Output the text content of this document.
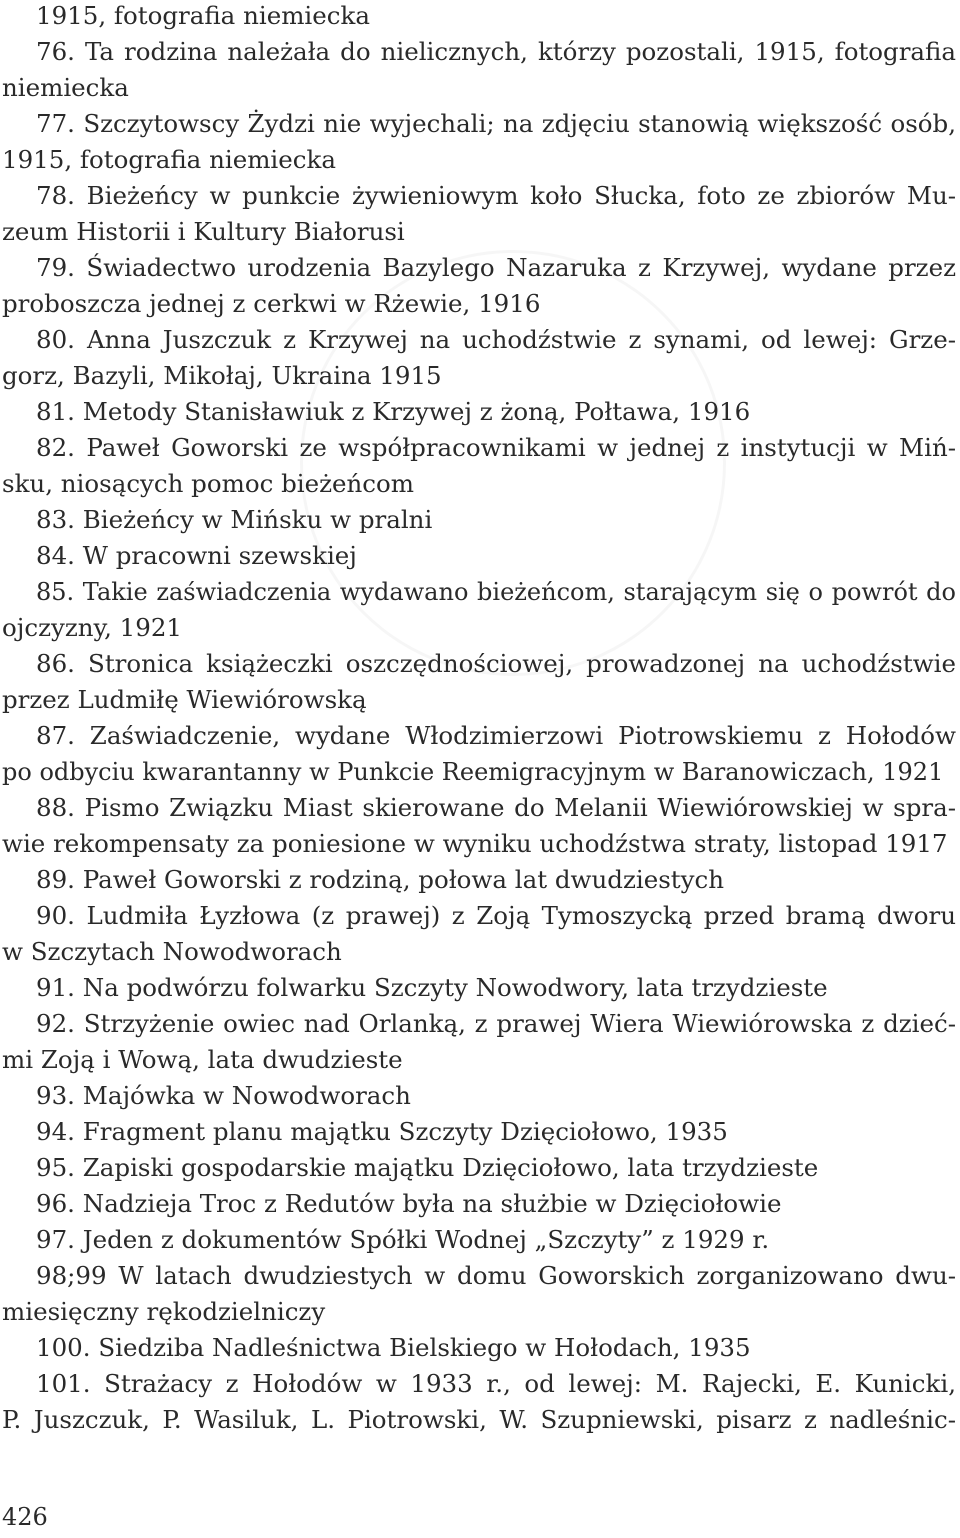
1915, fotografia niemiecka
76. Ta rodzina należała do nielicznych, którzy pozostali, 1915, fotografia
niemiecka
77. Szczytowscy Żydzi nie wyjechali; na zdjęciu stanowią większość osób,
1915, fotografia niemiecka
78. Bieżeńcy w punkcie żywieniowym koło Słucka, foto ze zbiorów Mu-
zeum Historii i Kultury Białorusi
79. Świadectwo urodzenia Bazylego Nazaruka z Krzywej, wydane przez
proboszcza jednej z cerkwi w Rżewie, 1916
80. Anna Juszczuk z Krzywej na uchodźstwie z synami, od lewej: Grze-
gorz, Bazyli, Mikołaj, Ukraina 1915
81. Metody Stanisławiuk z Krzywej z żoną, Połtawa, 1916
82. Paweł Goworski ze współpracownikami w jednej z instytucji w Miń-
sku, niosących pomoc bieżeńcom
83. Bieżeńcy w Mińsku w pralni
84. W pracowni szewskiej
85. Takie zaświadczenia wydawano bieżeńcom, starającym się o powrót do
ojczyzny, 1921
86. Stronica książeczki oszczędnościowej, prowadzonej na uchodźstwie
przez Ludmiłę Wiewiórowską
87. Zaświadczenie, wydane Włodzimierzowi Piotrowskiemu z Hołodów
po odbyciu kwarantanny w Punkcie Reemigracyjnym w Baranowiczach, 1921
88. Pismo Związku Miast skierowane do Melanii Wiewiórowskiej w spra-
wie rekompensaty za poniesione w wyniku uchodźstwa straty, listopad 1917
89. Paweł Goworski z rodziną, połowa lat dwudziestych
90. Ludmiła Łyzłowa (z prawej) z Zoją Tymoszycką przed bramą dworu
w Szczytach Nowodworach
91. Na podwórzu folwarku Szczyty Nowodwory, lata trzydzieste
92. Strzyżenie owiec nad Orlanką, z prawej Wiera Wiewiórowska z dzieć-
mi Zoją i Wową, lata dwudzieste
93. Majówka w Nowodworach
94. Fragment planu majątku Szczyty Dzięciołowo, 1935
95. Zapiski gospodarskie majątku Dzięciołowo, lata trzydzieste
96. Nadzieja Troc z Redutów była na służbie w Dzięciołowie
97. Jeden z dokumentów Spółki Wodnej „Szczyty” z 1929 r.
98;99 W latach dwudziestych w domu Goworskich zorganizowano dwu-
miesięczny rękodzielniczy
100. Siedziba Nadleśnictwa Bielskiego w Hołodach, 1935
101. Strażacy z Hołodów w 1933 r., od lewej: M. Rajecki, E. Kunicki,
P. Juszczuk, P. Wasiluk, L. Piotrowski, W. Szupniewski, pisarz z nadleśnic-
426
